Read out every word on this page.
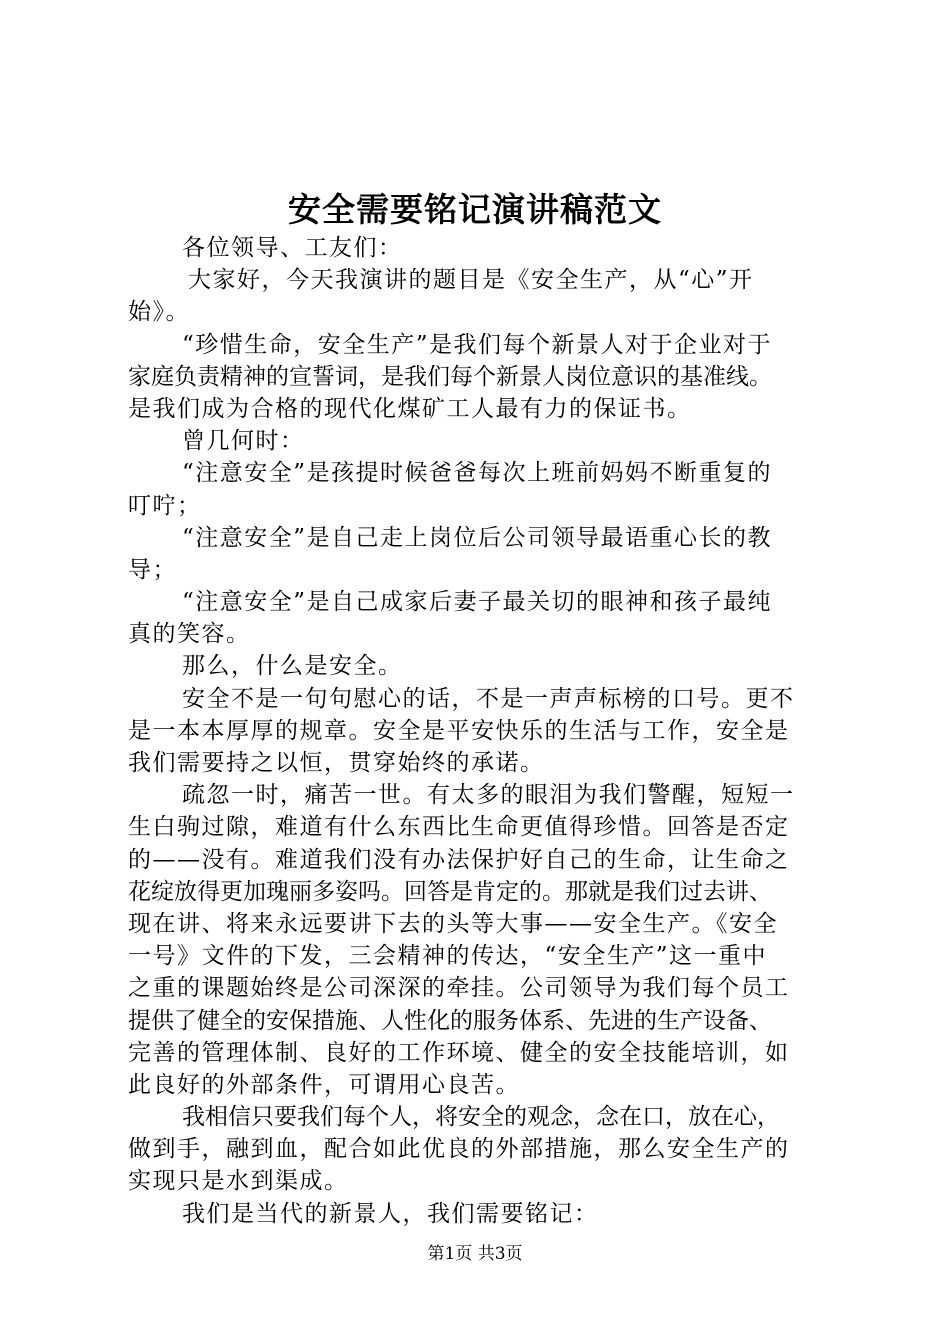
安全需要铭记演讲稿范文
各位领导、工友们：
大家好，今天我演讲的题目是《安全生产，从“心”开
始》。
“珍惜生命，安全生产”是我们每个新景人对于企业对于
家庭负责精神的宣誓词，是我们每个新景人岗位意识的基准线。
是我们成为合格的现代化煤矿工人最有力的保证书。
曾几何时：
“注意安全”是孩提时候爸爸每次上班前妈妈不断重复的
叮咛；
“注意安全”是自己走上岗位后公司领导最语重心长的教
导；
“注意安全”是自己成家后妻子最关切的眼神和孩子最纯
真的笑容。
那么，什么是安全。
安全不是一句句慰心的话，不是一声声标榜的口号。更不
是一本本厚厚的规章。安全是平安快乐的生活与工作，安全是
我们需要持之以恒，贯穿始终的承诺。
疏忽一时，痛苦一世。有太多的眼泪为我们警醒，短短一
生白驹过隙，难道有什么东西比生命更值得珍惜。回答是否定
的——没有。难道我们没有办法保护好自己的生命，让生命之
花绽放得更加瑰丽多姿吗。回答是肯定的。那就是我们过去讲、
现在讲、将来永远要讲下去的头等大事——安全生产。《安全
一号》文件的下发，三会精神的传达，“安全生产”这一重中
之重的课题始终是公司深深的牵挂。公司领导为我们每个员工
提供了健全的安保措施、人性化的服务体系、先进的生产设备、
完善的管理体制、良好的工作环境、健全的安全技能培训，如
此良好的外部条件，可谓用心良苦。
我相信只要我们每个人，将安全的观念，念在口，放在心，
做到手，融到血，配合如此优良的外部措施，那么安全生产的
实现只是水到渠成。
我们是当代的新景人，我们需要铭记：
第1页 共3页
